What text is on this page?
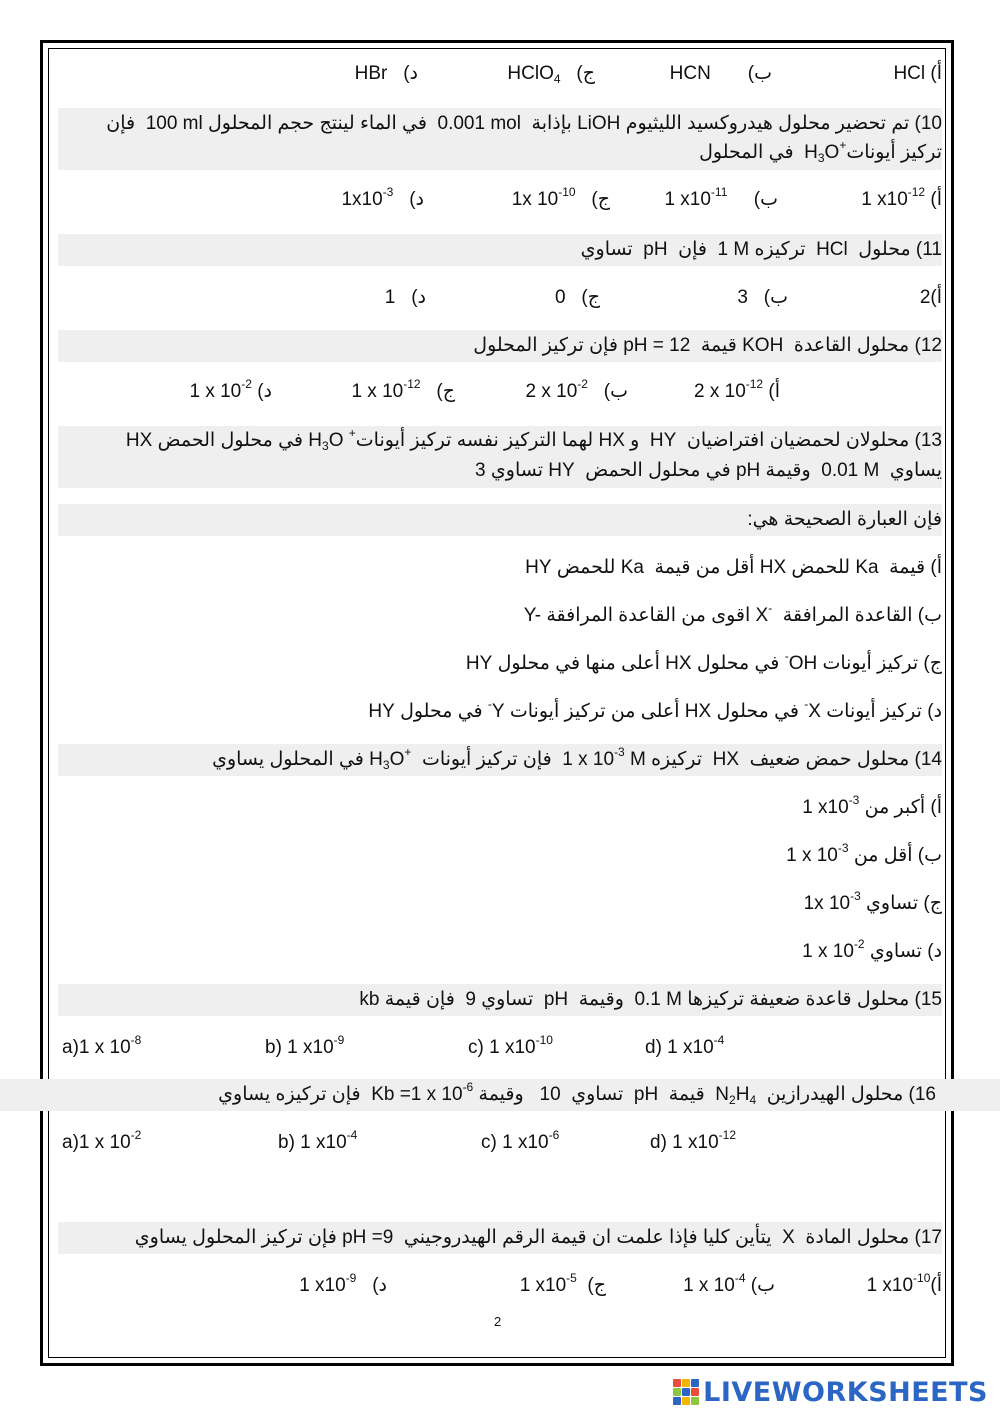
أ) HCl
ب)       HCN
ج)   HClO$_4$
د)   HBr
10) تم تحضير محلول هيدروكسيد الليثيوم LiOH بإذابة  0.001 mol  في الماء لينتج حجم المحلول 100 ml  فإن
تركيز أيوناتH$_3$O+  في المحلول
أ) 1 $x10^{-12}$
ب)     1 $x10^{-11}$
ج)   1x $10^{-10}$
د)   $1x10^{-3}$
11) محلول  HCl  تركيزه 1 M  فإن  pH  تساوي
أ)2
ب)   3
ج)   0
د)   1
12) محلول القاعدة  KOH قيمة  pH = 12 فإن تركيز المحلول
أ) 2 x $10^{-12}$
ب)   2 x $10^{-2}$
ج)   1 x $10^{-12}$
د) 1 x $10^{-2}$
13) محلولان لحمضيان افتراضيان  HY  و HX لهما التركيز نفسه تركيز أيوناتH$_3$O + في محلول الحمض HX
يساوي  0.01 M  وقيمة pH في محلول الحمض  HY تساوي 3
فإن العبارة الصحيحة هي:
أ) قيمة  Ka للحمض HX أقل من قيمة  Ka للحمض HY
ب) القاعدة المرافقة  X- اقوى من القاعدة المرافقة Y-
ج) تركيز أيونات -OH في محلول HX أعلى منها في محلول HY
د) تركيز أيونات -X في محلول HX أعلى من تركيز أيونات -Y في محلول HY
14) محلول حمض ضعيف  HX  تركيزه 1 x $10^{-3}$ M  فإن تركيز أيونات  $H_3O^+$ في المحلول يساوي
أ) أكبر من 1 $x10^{-3}$
ب) أقل من 1 x $10^{-3}$
ج) تساوي 1x $10^{-3}$
د) تساوي 1 x $10^{-2}$
15) محلول قاعدة ضعيفة تركيزها 0.1 M  وقيمة  pH  تساوي 9  فإن قيمة kb
a)1 x $10^{-8}$	b) 1 $x10^{-9}$	c) 1 $x10^{-10}$	d) 1 $x10^{-4}$
16) محلول الهيدرازين  $N_2H_4$  قيمة  pH  تساوي  10   وقيمة Kb =1 x $10^{-6}$  فإن تركيزه يساوي
a)1 x $10^{-2}$	b) 1 $x10^{-4}$	c) 1 $x10^{-6}$	d) 1 $x10^{-12}$
17) محلول المادة  X  يتأين كليا فإذا علمت ان قيمة الرقم الهيدروجيني  pH =9 فإن تركيز المحلول يساوي
أ)1 $x10^{-10}$
ب) 1 x $10^{-4}$
ج)  1 $x10^{-5}$
د)   1 $x10^{-9}$
2
LIVEWORKSHEETS
